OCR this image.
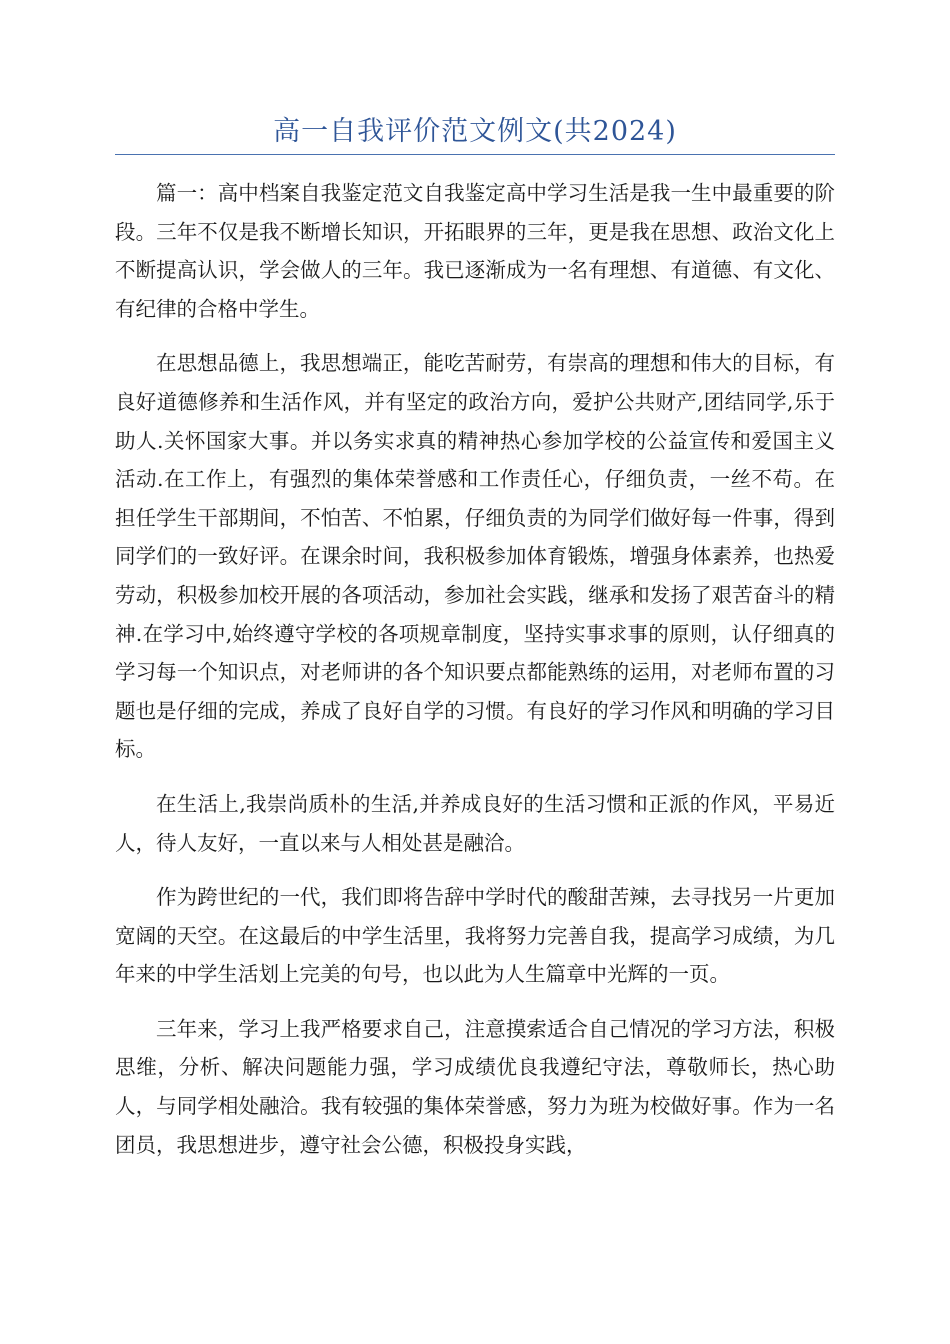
高一自我评价范文例文(共2024)

篇一：高中档案自我鉴定范文自我鉴定高中学习生活是我一生中最重要的阶段。三年不仅是我不断增长知识，开拓眼界的三年，更是我在思想、政治文化上不断提高认识，学会做人的三年。我已逐渐成为一名有理想、有道德、有文化、有纪律的合格中学生。

在思想品德上，我思想端正，能吃苦耐劳，有崇高的理想和伟大的目标，有良好道德修养和生活作风，并有坚定的政治方向，爱护公共财产,团结同学,乐于助人.关怀国家大事。并以务实求真的精神热心参加学校的公益宣传和爱国主义活动.在工作上，有强烈的集体荣誉感和工作责任心，仔细负责，一丝不苟。在担任学生干部期间，不怕苦、不怕累，仔细负责的为同学们做好每一件事，得到同学们的一致好评。在课余时间，我积极参加体育锻炼，增强身体素养，也热爱劳动，积极参加校开展的各项活动，参加社会实践，继承和发扬了艰苦奋斗的精神.在学习中,始终遵守学校的各项规章制度，坚持实事求事的原则，认仔细真的学习每一个知识点，对老师讲的各个知识要点都能熟练的运用，对老师布置的习题也是仔细的完成，养成了良好自学的习惯。有良好的学习作风和明确的学习目标。

在生活上,我崇尚质朴的生活,并养成良好的生活习惯和正派的作风，平易近人，待人友好，一直以来与人相处甚是融洽。

作为跨世纪的一代，我们即将告辞中学时代的酸甜苦辣，去寻找另一片更加宽阔的天空。在这最后的中学生活里，我将努力完善自我，提高学习成绩，为几年来的中学生活划上完美的句号，也以此为人生篇章中光辉的一页。

三年来，学习上我严格要求自己，注意摸索适合自己情况的学习方法，积极思维，分析、解决问题能力强，学习成绩优良我遵纪守法，尊敬师长，热心助人，与同学相处融洽。我有较强的集体荣誉感，努力为班为校做好事。作为一名团员，我思想进步，遵守社会公德，积极投身实践，
